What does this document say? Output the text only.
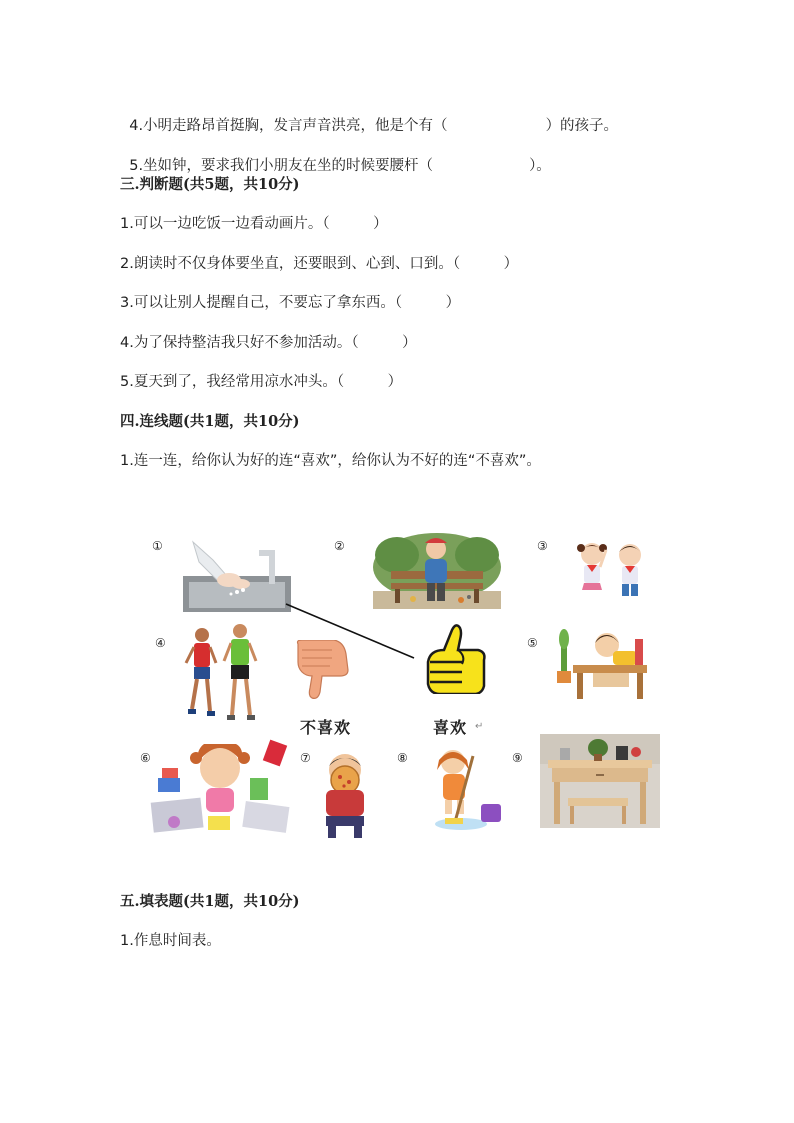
4.小明走路昂首挺胸，发言声音洪亮，他是个有（	）的孩子。

5.坐如钟，要求我们小朋友在坐的时候要腰杆（	）。

三.判断题(共5题，共10分)
1.可以一边吃饭一边看动画片。（　　　）
2.朗读时不仅身体要坐直，还要眼到、心到、口到。（　　　）
3.可以让别人提醒自己，不要忘了拿东西。（　　　）
4.为了保持整洁我只好不参加活动。（　　　）
5.夏天到了，我经常用凉水冲头。（　　　）
四.连线题(共1题，共10分)
1.连一连，给你认为好的连“喜欢”，给你认为不好的连“不喜欢”。
①	②	③
④	⑤
⑥	⑦	⑧	⑨
不喜欢	喜欢 ↵
五.填表题(共1题，共10分)
1.作息时间表。
